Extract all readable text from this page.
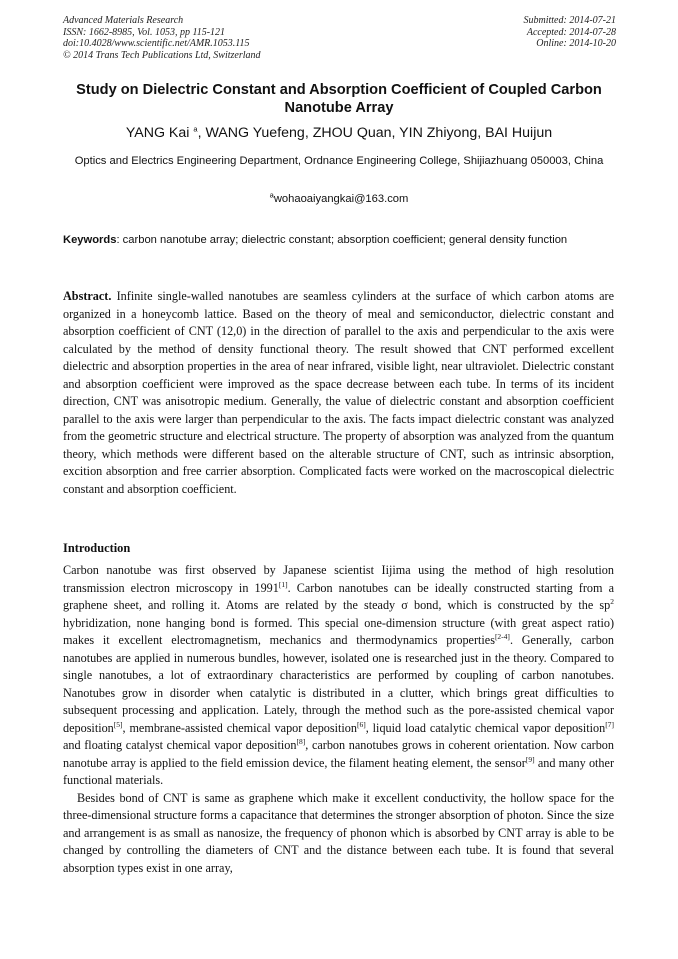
Advanced Materials Research
ISSN: 1662-8985, Vol. 1053, pp 115-121
doi:10.4028/www.scientific.net/AMR.1053.115
© 2014 Trans Tech Publications Ltd, Switzerland
Submitted: 2014-07-21
Accepted: 2014-07-28
Online: 2014-10-20
Study on Dielectric Constant and Absorption Coefficient of Coupled Carbon Nanotube Array
YANG Kai $^a$, WANG Yuefeng, ZHOU Quan, YIN Zhiyong, BAI Huijun
Optics and Electrics Engineering Department, Ordnance Engineering College, Shijiazhuang 050003, China
$^a$wohaoaiyangkai@163.com
Keywords: carbon nanotube array; dielectric constant; absorption coefficient; general density function
Abstract. Infinite single-walled nanotubes are seamless cylinders at the surface of which carbon atoms are organized in a honeycomb lattice. Based on the theory of meal and semiconductor, dielectric constant and absorption coefficient of CNT (12,0) in the direction of parallel to the axis and perpendicular to the axis were calculated by the method of density functional theory. The result showed that CNT performed excellent dielectric and absorption properties in the area of near infrared, visible light, near ultraviolet. Dielectric constant and absorption coefficient were improved as the space decrease between each tube. In terms of its incident direction, CNT was anisotropic medium. Generally, the value of dielectric constant and absorption coefficient parallel to the axis were larger than perpendicular to the axis. The facts impact dielectric constant was analyzed from the geometric structure and electrical structure. The property of absorption was analyzed from the quantum theory, which methods were different based on the alterable structure of CNT, such as intrinsic absorption, excition absorption and free carrier absorption. Complicated facts were worked on the macroscopical dielectric constant and absorption coefficient.
Introduction

Carbon nanotube was first observed by Japanese scientist Iijima using the method of high resolution transmission electron microscopy in 1991[1]. Carbon nanotubes can be ideally constructed starting from a graphene sheet, and rolling it. Atoms are related by the steady σ bond, which is constructed by the $sp^2$ hybridization, none hanging bond is formed. This special one-dimension structure (with great aspect ratio) makes it excellent electromagnetism, mechanics and thermodynamics properties[2-4]. Generally, carbon nanotubes are applied in numerous bundles, however, isolated one is researched just in the theory. Compared to single nanotubes, a lot of extraordinary characteristics are performed by coupling of carbon nanotubes. Nanotubes grow in disorder when catalytic is distributed in a clutter, which brings great difficulties to subsequent processing and application. Lately, through the method such as the pore-assisted chemical vapor deposition[5], membrane-assisted chemical vapor deposition[6], liquid load catalytic chemical vapor deposition[7] and floating catalyst chemical vapor deposition[8], carbon nanotubes grows in coherent orientation. Now carbon nanotube array is applied to the field emission device, the filament heating element, the sensor[9] and many other functional materials.

Besides bond of CNT is same as graphene which make it excellent conductivity, the hollow space for the three-dimensional structure forms a capacitance that determines the stronger absorption of photon. Since the size and arrangement is as small as nanosize, the frequency of phonon which is absorbed by CNT array is able to be changed by controlling the diameters of CNT and the distance between each tube. It is found that several absorption types exist in one array,
